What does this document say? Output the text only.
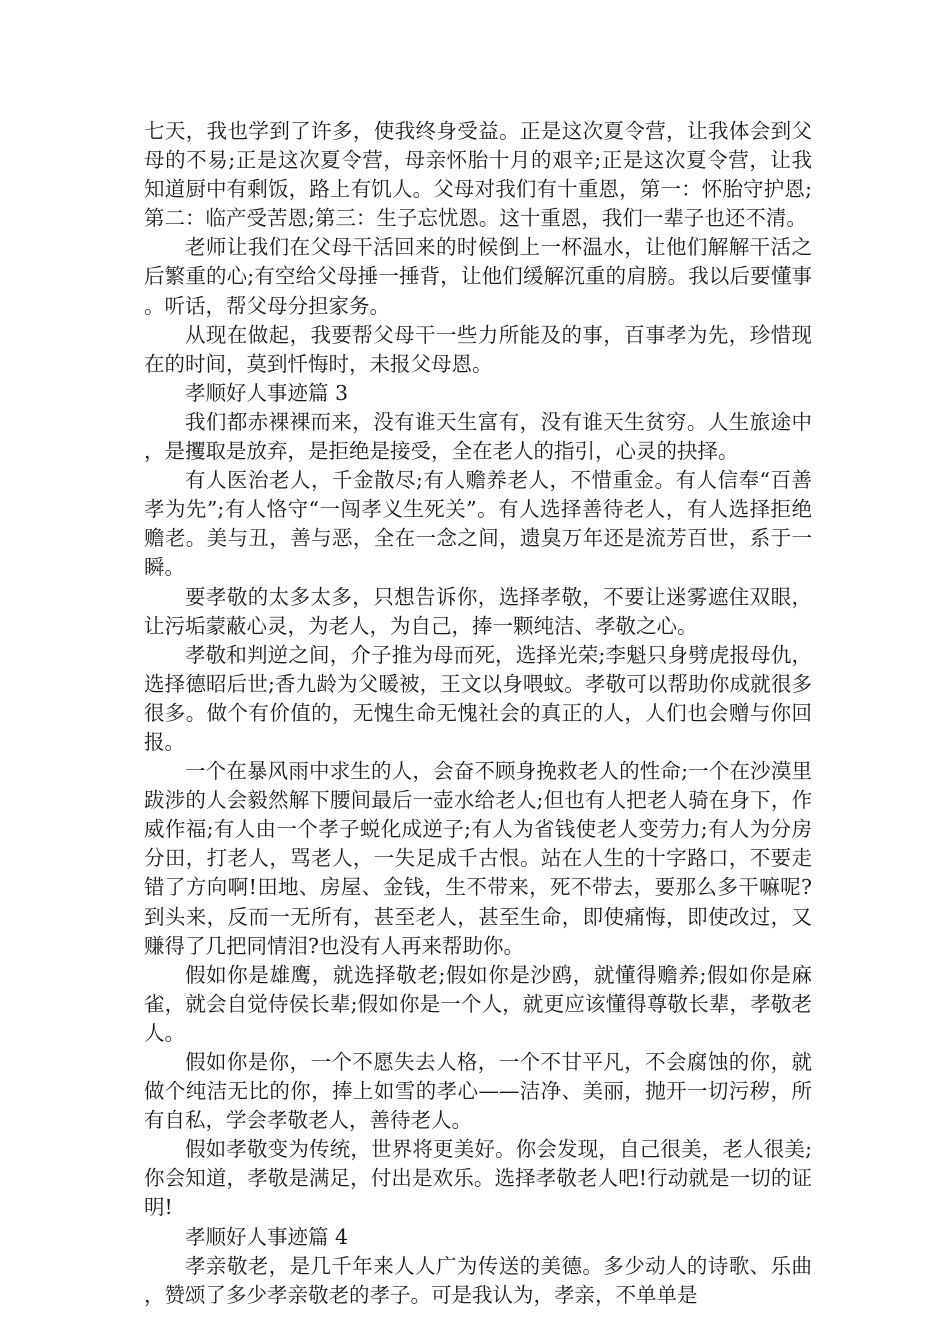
七天，我也学到了许多，使我终身受益。正是这次夏令营，让我体会到父母的不易;正是这次夏令营，母亲怀胎十月的艰辛;正是这次夏令营，让我知道厨中有剩饭，路上有饥人。父母对我们有十重恩，第一：怀胎守护恩;第二：临产受苦恩;第三：生子忘忧恩。这十重恩，我们一辈子也还不清。

老师让我们在父母干活回来的时候倒上一杯温水，让他们解解干活之后繁重的心;有空给父母捶一捶背，让他们缓解沉重的肩膀。我以后要懂事。听话，帮父母分担家务。

从现在做起，我要帮父母干一些力所能及的事，百事孝为先，珍惜现在的时间，莫到忏悔时，未报父母恩。

孝顺好人事迹篇 3

我们都赤裸裸而来，没有谁天生富有，没有谁天生贫穷。人生旅途中，是攫取是放弃，是拒绝是接受，全在老人的指引，心灵的抉择。

有人医治老人，千金散尽;有人赡养老人，不惜重金。有人信奉“百善孝为先”;有人恪守“一闯孝义生死关”。有人选择善待老人，有人选择拒绝赡老。美与丑，善与恶，全在一念之间，遗臭万年还是流芳百世，系于一瞬。

要孝敬的太多太多，只想告诉你，选择孝敬，不要让迷雾遮住双眼，让污垢蒙蔽心灵，为老人，为自己，捧一颗纯洁、孝敬之心。

孝敬和判逆之间，介子推为母而死，选择光荣;李魁只身劈虎报母仇，选择德昭后世;香九龄为父暖被，王文以身喂蚊。孝敬可以帮助你成就很多很多。做个有价值的，无愧生命无愧社会的真正的人，人们也会赠与你回报。

一个在暴风雨中求生的人，会奋不顾身挽救老人的性命;一个在沙漠里跋涉的人会毅然解下腰间最后一壶水给老人;但也有人把老人骑在身下，作威作福;有人由一个孝子蜕化成逆子;有人为省钱使老人变劳力;有人为分房分田，打老人，骂老人，一失足成千古恨。站在人生的十字路口，不要走错了方向啊!田地、房屋、金钱，生不带来，死不带去，要那么多干嘛呢?到头来，反而一无所有，甚至老人，甚至生命，即使痛悔，即使改过，又赚得了几把同情泪?也没有人再来帮助你。

假如你是雄鹰，就选择敬老;假如你是沙鸥，就懂得赡养;假如你是麻雀，就会自觉侍侯长辈;假如你是一个人，就更应该懂得尊敬长辈，孝敬老人。

假如你是你，一个不愿失去人格，一个不甘平凡，不会腐蚀的你，就做个纯洁无比的你，捧上如雪的孝心——洁净、美丽，抛开一切污秽，所有自私，学会孝敬老人，善待老人。

假如孝敬变为传统，世界将更美好。你会发现，自己很美，老人很美;你会知道，孝敬是满足，付出是欢乐。选择孝敬老人吧!行动就是一切的证明!

孝顺好人事迹篇 4

孝亲敬老，是几千年来人人广为传送的美德。多少动人的诗歌、乐曲，赞颂了多少孝亲敬老的孝子。可是我认为，孝亲，不单单是
